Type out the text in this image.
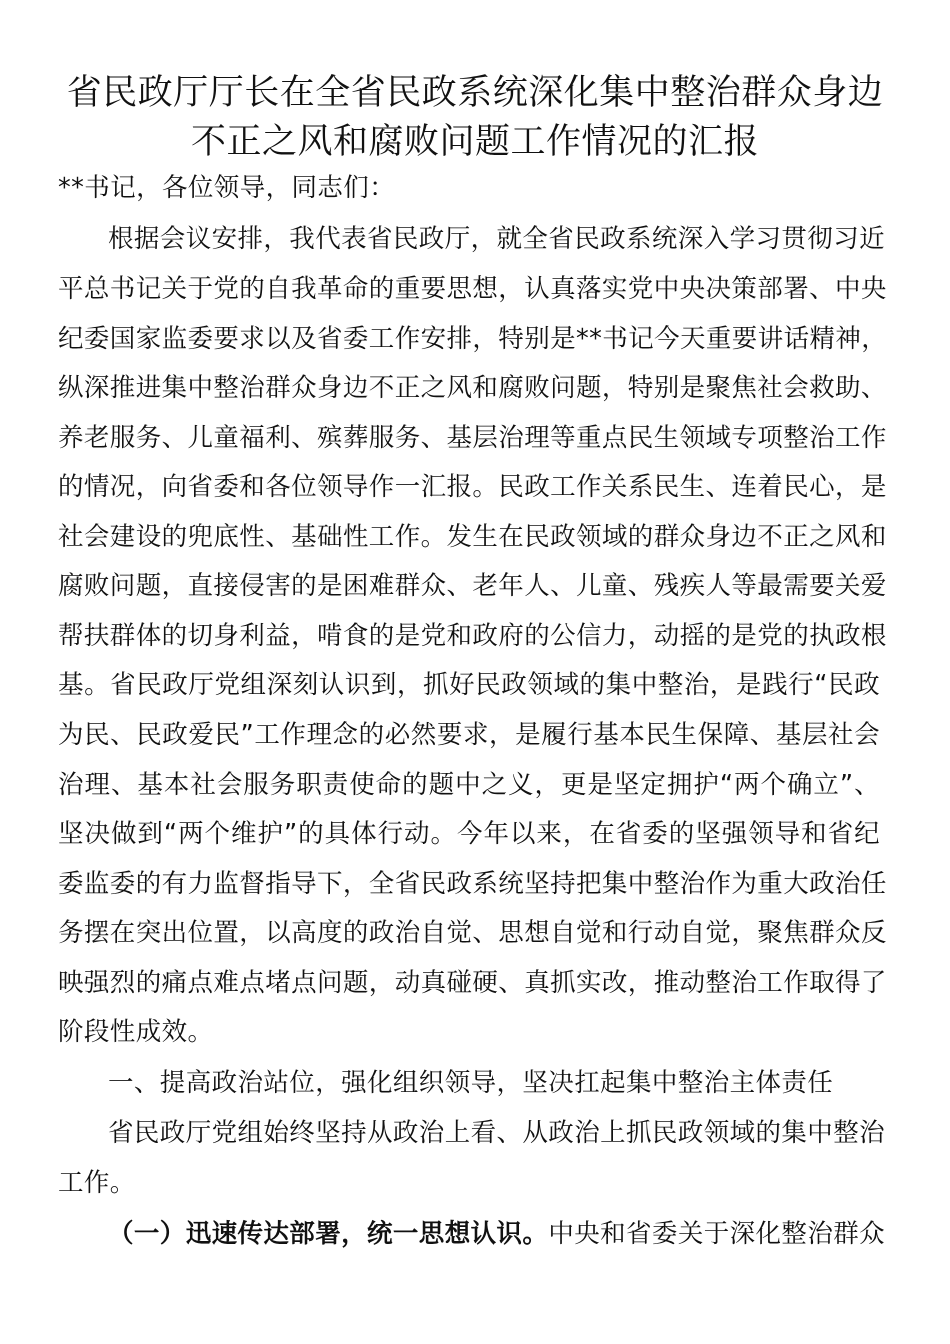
省民政厅厅长在全省民政系统深化集中整治群众身边
不正之风和腐败问题工作情况的汇报
**书记，各位领导，同志们：
根据会议安排，我代表省民政厅，就全省民政系统深入学习贯彻习近
平总书记关于党的自我革命的重要思想，认真落实党中央决策部署、中央
纪委国家监委要求以及省委工作安排，特别是**书记今天重要讲话精神，
纵深推进集中整治群众身边不正之风和腐败问题，特别是聚焦社会救助、
养老服务、儿童福利、殡葬服务、基层治理等重点民生领域专项整治工作
的情况，向省委和各位领导作一汇报。民政工作关系民生、连着民心，是
社会建设的兜底性、基础性工作。发生在民政领域的群众身边不正之风和
腐败问题，直接侵害的是困难群众、老年人、儿童、残疾人等最需要关爱
帮扶群体的切身利益，啃食的是党和政府的公信力，动摇的是党的执政根
基。省民政厅党组深刻认识到，抓好民政领域的集中整治，是践行“民政
为民、民政爱民”工作理念的必然要求，是履行基本民生保障、基层社会
治理、基本社会服务职责使命的题中之义，更是坚定拥护“两个确立”、
坚决做到“两个维护”的具体行动。今年以来，在省委的坚强领导和省纪
委监委的有力监督指导下，全省民政系统坚持把集中整治作为重大政治任
务摆在突出位置，以高度的政治自觉、思想自觉和行动自觉，聚焦群众反
映强烈的痛点难点堵点问题，动真碰硬、真抓实改，推动整治工作取得了
阶段性成效。
一、提高政治站位，强化组织领导，坚决扛起集中整治主体责任
省民政厅党组始终坚持从政治上看、从政治上抓民政领域的集中整治
工作。
（一）迅速传达部署，统一思想认识。中央和省委关于深化整治群众
